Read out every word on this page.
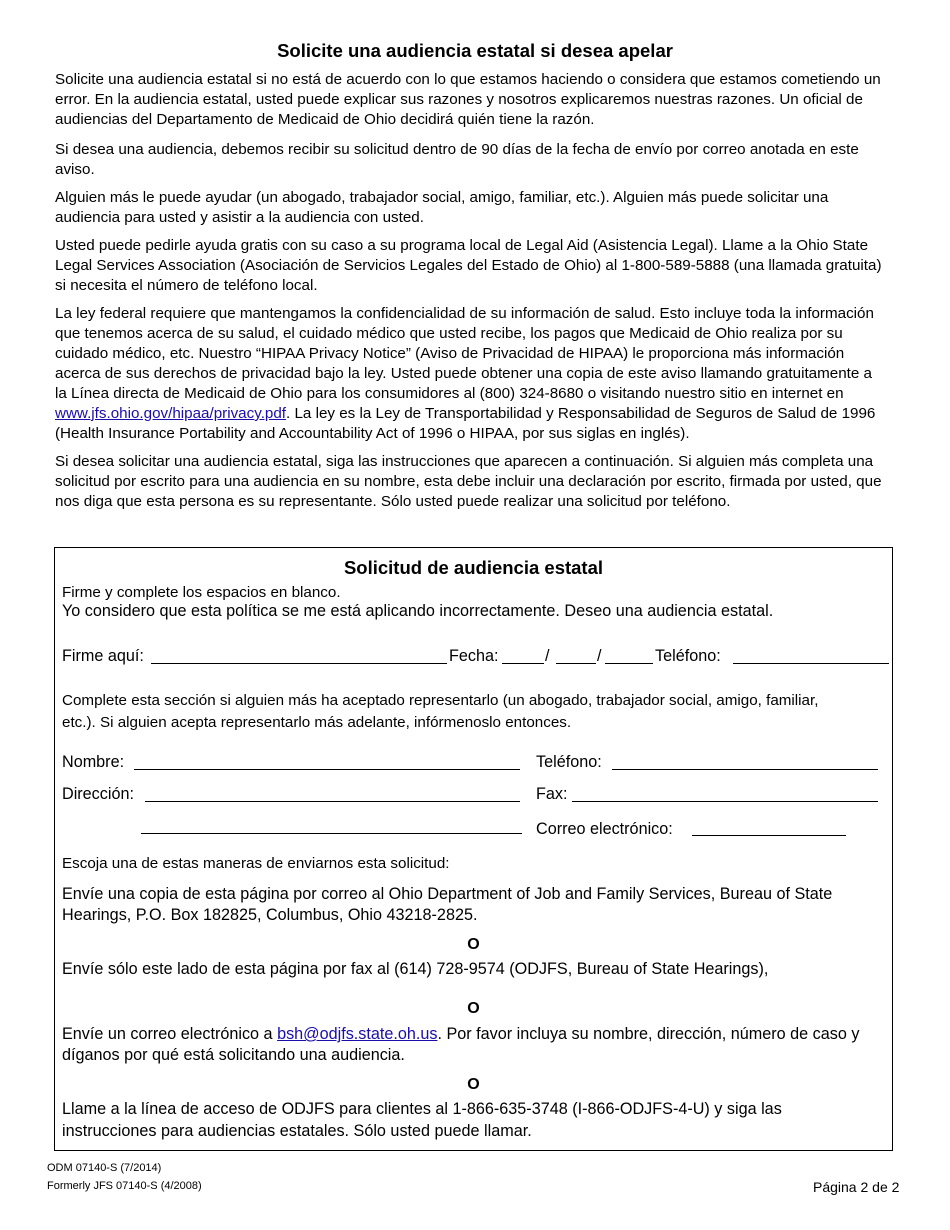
Solicite una audiencia estatal si desea apelar

Solicite una audiencia estatal si no está de acuerdo con lo que estamos haciendo o considera que estamos cometiendo un error. En la audiencia estatal, usted puede explicar sus razones y nosotros explicaremos nuestras razones. Un oficial de audiencias del Departamento de Medicaid de Ohio decidirá quién tiene la razón.

Si desea una audiencia, debemos recibir su solicitud dentro de 90 días de la fecha de envío por correo anotada en este aviso.

Alguien más le puede ayudar (un abogado, trabajador social, amigo, familiar, etc.). Alguien más puede solicitar una audiencia para usted y asistir a la audiencia con usted.

Usted puede pedirle ayuda gratis con su caso a su programa local de Legal Aid (Asistencia Legal). Llame a la Ohio State Legal Services Association (Asociación de Servicios Legales del Estado de Ohio) al 1-800-589-5888 (una llamada gratuita) si necesita el número de teléfono local.

La ley federal requiere que mantengamos la confidencialidad de su información de salud. Esto incluye toda la información que tenemos acerca de su salud, el cuidado médico que usted recibe, los pagos que Medicaid de Ohio realiza por su cuidado médico, etc. Nuestro “HIPAA Privacy Notice” (Aviso de Privacidad de HIPAA) le proporciona más información acerca de sus derechos de privacidad bajo la ley. Usted puede obtener una copia de este aviso llamando gratuitamente a la Línea directa de Medicaid de Ohio para los consumidores al (800) 324-8680 o visitando nuestro sitio en internet en www.jfs.ohio.gov/hipaa/privacy.pdf. La ley es la Ley de Transportabilidad y Responsabilidad de Seguros de Salud de 1996 (Health Insurance Portability and Accountability Act of 1996 o HIPAA, por sus siglas en inglés).

Si desea solicitar una audiencia estatal, siga las instrucciones que aparecen a continuación. Si alguien más completa una solicitud por escrito para una audiencia en su nombre, esta debe incluir una declaración por escrito, firmada por usted, que nos diga que esta persona es su representante. Sólo usted puede realizar una solicitud por teléfono.

Solicitud de audiencia estatal
Firme y complete los espacios en blanco.
Yo considero que esta política se me está aplicando incorrectamente. Deseo una audiencia estatal.
Firme aquí:	Fecha:	/	/	Teléfono:
Complete esta sección si alguien más ha aceptado representarlo (un abogado, trabajador social, amigo, familiar,
etc.). Si alguien acepta representarlo más adelante, infórmenoslo entonces.
Nombre:	Teléfono:
Dirección:	Fax:
Correo electrónico:
Escoja una de estas maneras de enviarnos esta solicitud:
Envíe una copia de esta página por correo al Ohio Department of Job and Family Services, Bureau of State
Hearings, P.O. Box 182825, Columbus, Ohio 43218-2825.
O
Envíe sólo este lado de esta página por fax al (614) 728-9574 (ODJFS, Bureau of State Hearings),
O
Envíe un correo electrónico a bsh@odjfs.state.oh.us. Por favor incluya su nombre, dirección, número de caso y
díganos por qué está solicitando una audiencia.
O
Llame a la línea de acceso de ODJFS para clientes al 1-866-635-3748 (I-866-ODJFS-4-U) y siga las
instrucciones para audiencias estatales. Sólo usted puede llamar.
ODM 07140-S (7/2014)
Formerly JFS 07140-S (4/2008)	Página 2 de 2
